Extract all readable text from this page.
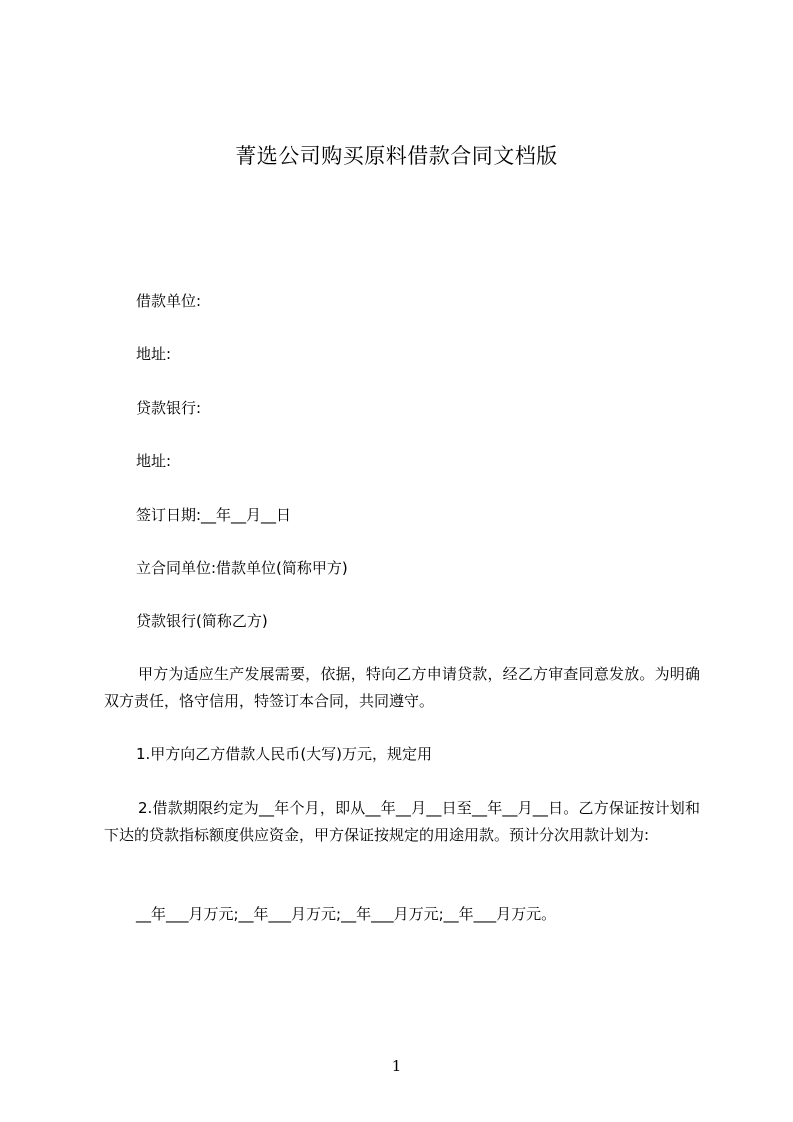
菁选公司购买原料借款合同文档版
借款单位:
地址:
贷款银行:
地址:
签订日期:__年__月__日
立合同单位:借款单位(简称甲方)
贷款银行(简称乙方)
甲方为适应生产发展需要，依据，特向乙方申请贷款，经乙方审查同意发放。为明确双方责任，恪守信用，特签订本合同，共同遵守。
1.甲方向乙方借款人民币(大写)万元，规定用
2.借款期限约定为__年个月，即从__年__月__日至__年__月__日。乙方保证按计划和下达的贷款指标额度供应资金，甲方保证按规定的用途用款。预计分次用款计划为:
__年___月万元;__年___月万元;__年___月万元;__年___月万元。
1
